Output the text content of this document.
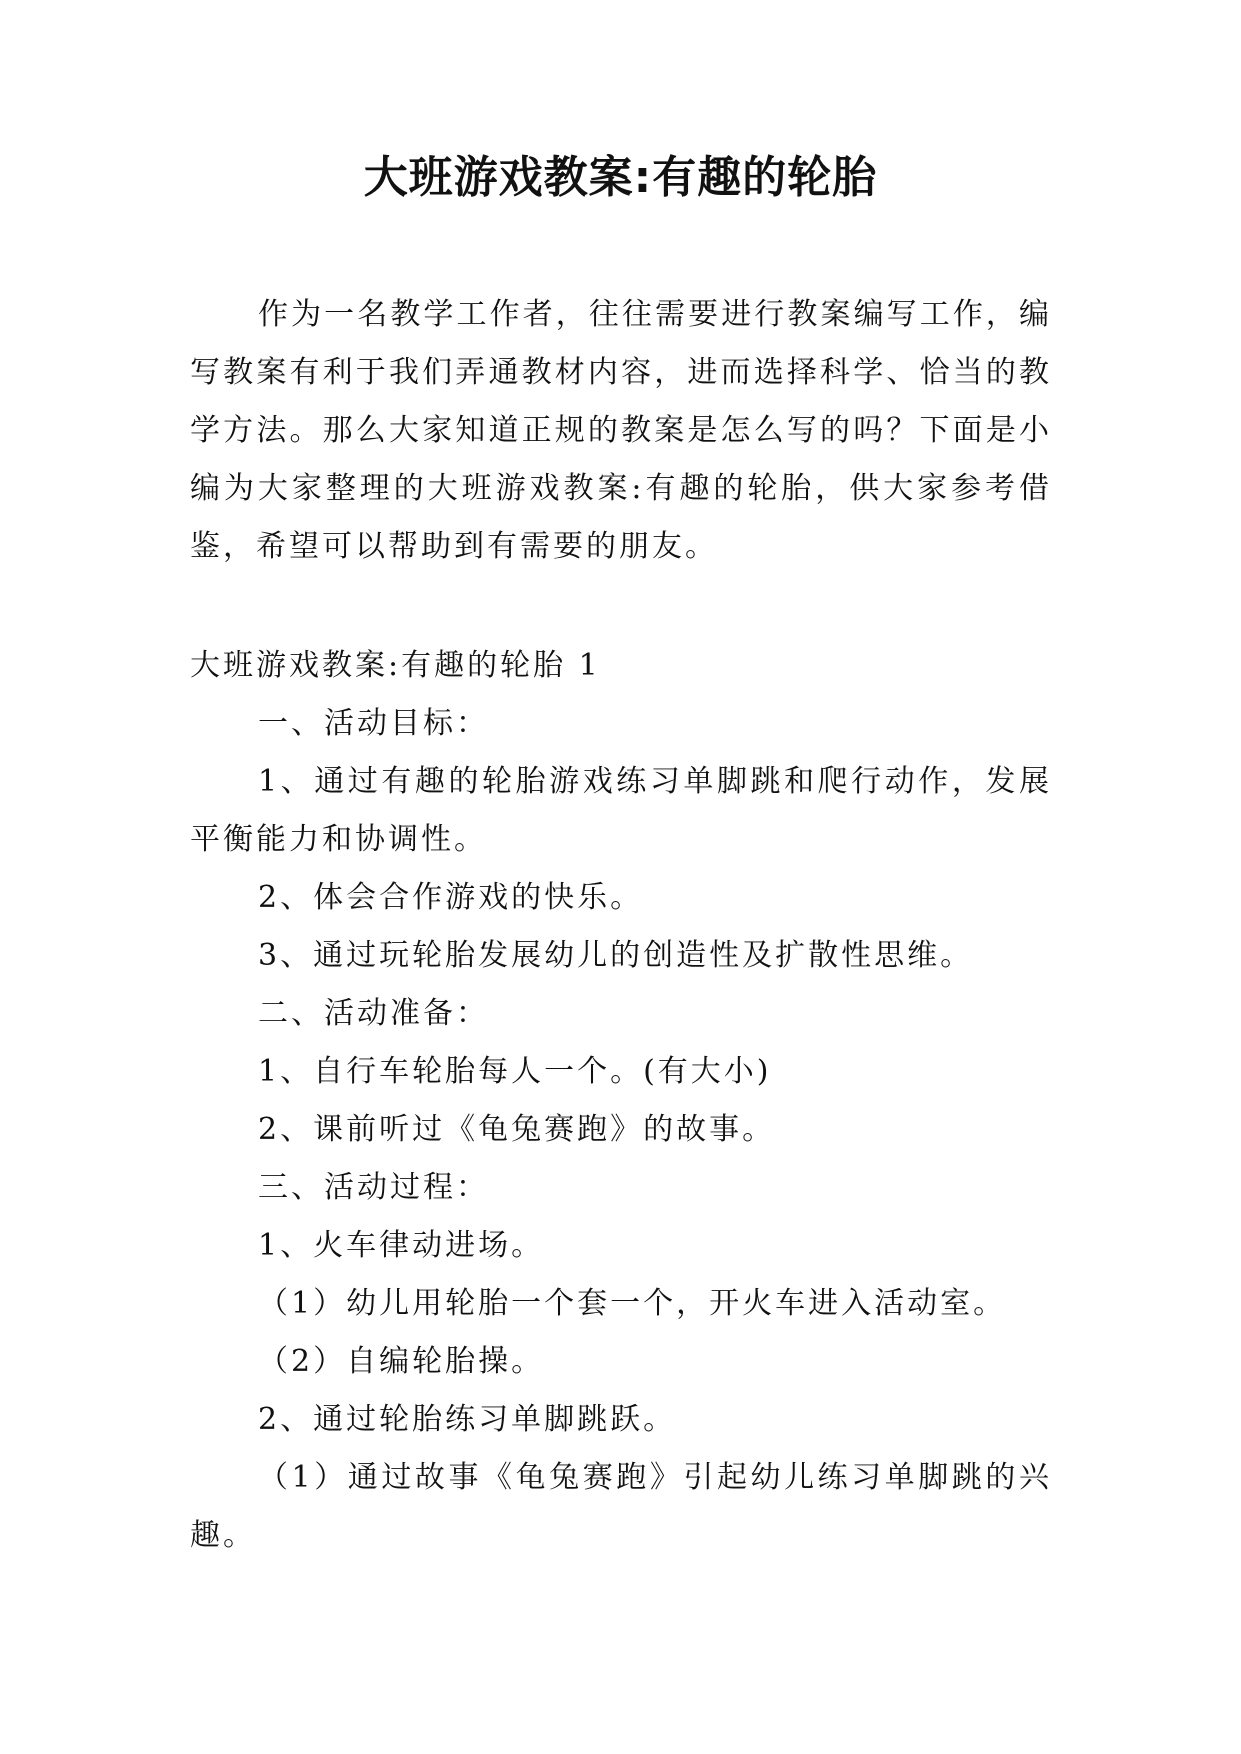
大班游戏教案:有趣的轮胎
作为一名教学工作者，往往需要进行教案编写工作，编写教案有利于我们弄通教材内容，进而选择科学、恰当的教学方法。那么大家知道正规的教案是怎么写的吗？下面是小编为大家整理的大班游戏教案:有趣的轮胎，供大家参考借鉴，希望可以帮助到有需要的朋友。

大班游戏教案:有趣的轮胎 1

一、活动目标：

1、通过有趣的轮胎游戏练习单脚跳和爬行动作，发展平衡能力和协调性。

2、体会合作游戏的快乐。

3、通过玩轮胎发展幼儿的创造性及扩散性思维。

二、活动准备：

1、自行车轮胎每人一个。(有大小)

2、课前听过《龟兔赛跑》的故事。

三、活动过程：

1、火车律动进场。

（1）幼儿用轮胎一个套一个，开火车进入活动室。

（2）自编轮胎操。

2、通过轮胎练习单脚跳跃。

（1）通过故事《龟兔赛跑》引起幼儿练习单脚跳的兴趣。
